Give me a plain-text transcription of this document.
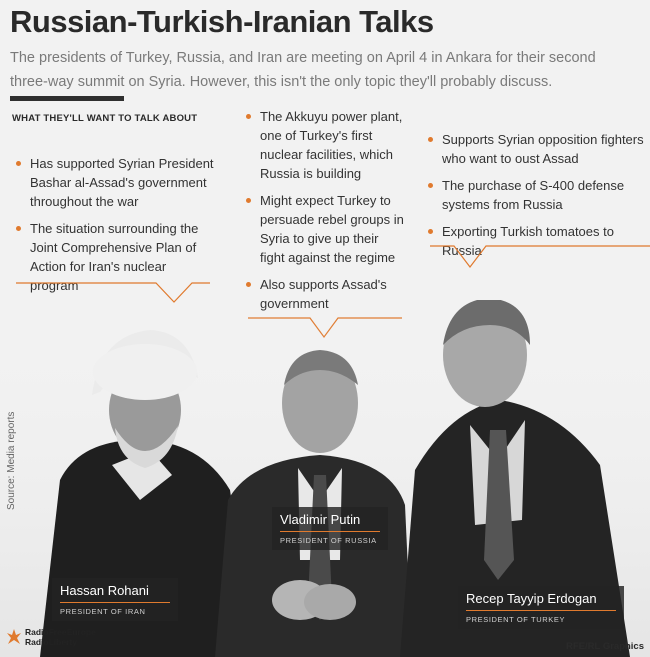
Russian-Turkish-Iranian Talks

The presidents of Turkey, Russia, and Iran are meeting on April 4 in Ankara for their second three-way summit on Syria. However, this isn't the only topic they'll probably discuss.

WHAT THEY'LL WANT TO TALK ABOUT

Has supported Syrian President Bashar al-Assad's government throughout the war
The situation surrounding the Joint Comprehensive Plan of Action for Iran's nuclear program
The Akkuyu power plant, one of Turkey's first nuclear facilities, which Russia is building
Might expect Turkey to persuade rebel groups in Syria to give up their fight against the regime
Also supports Assad's
Supports Syrian opposition fighters who want to oust Assad
The purchase of S-400 defense systems from Russia
Exporting Turkish tomatoes to Russia
Source: Media reports
Hassan Rohani
PRESIDENT OF IRAN
Vladimir Putin
PRESIDENT OF RUSSIA
Recep Tayyip Erdogan
PRESIDENT OF TURKEY
RadioFreeEurope
RadioLiberty	RFE/RL Graphics
